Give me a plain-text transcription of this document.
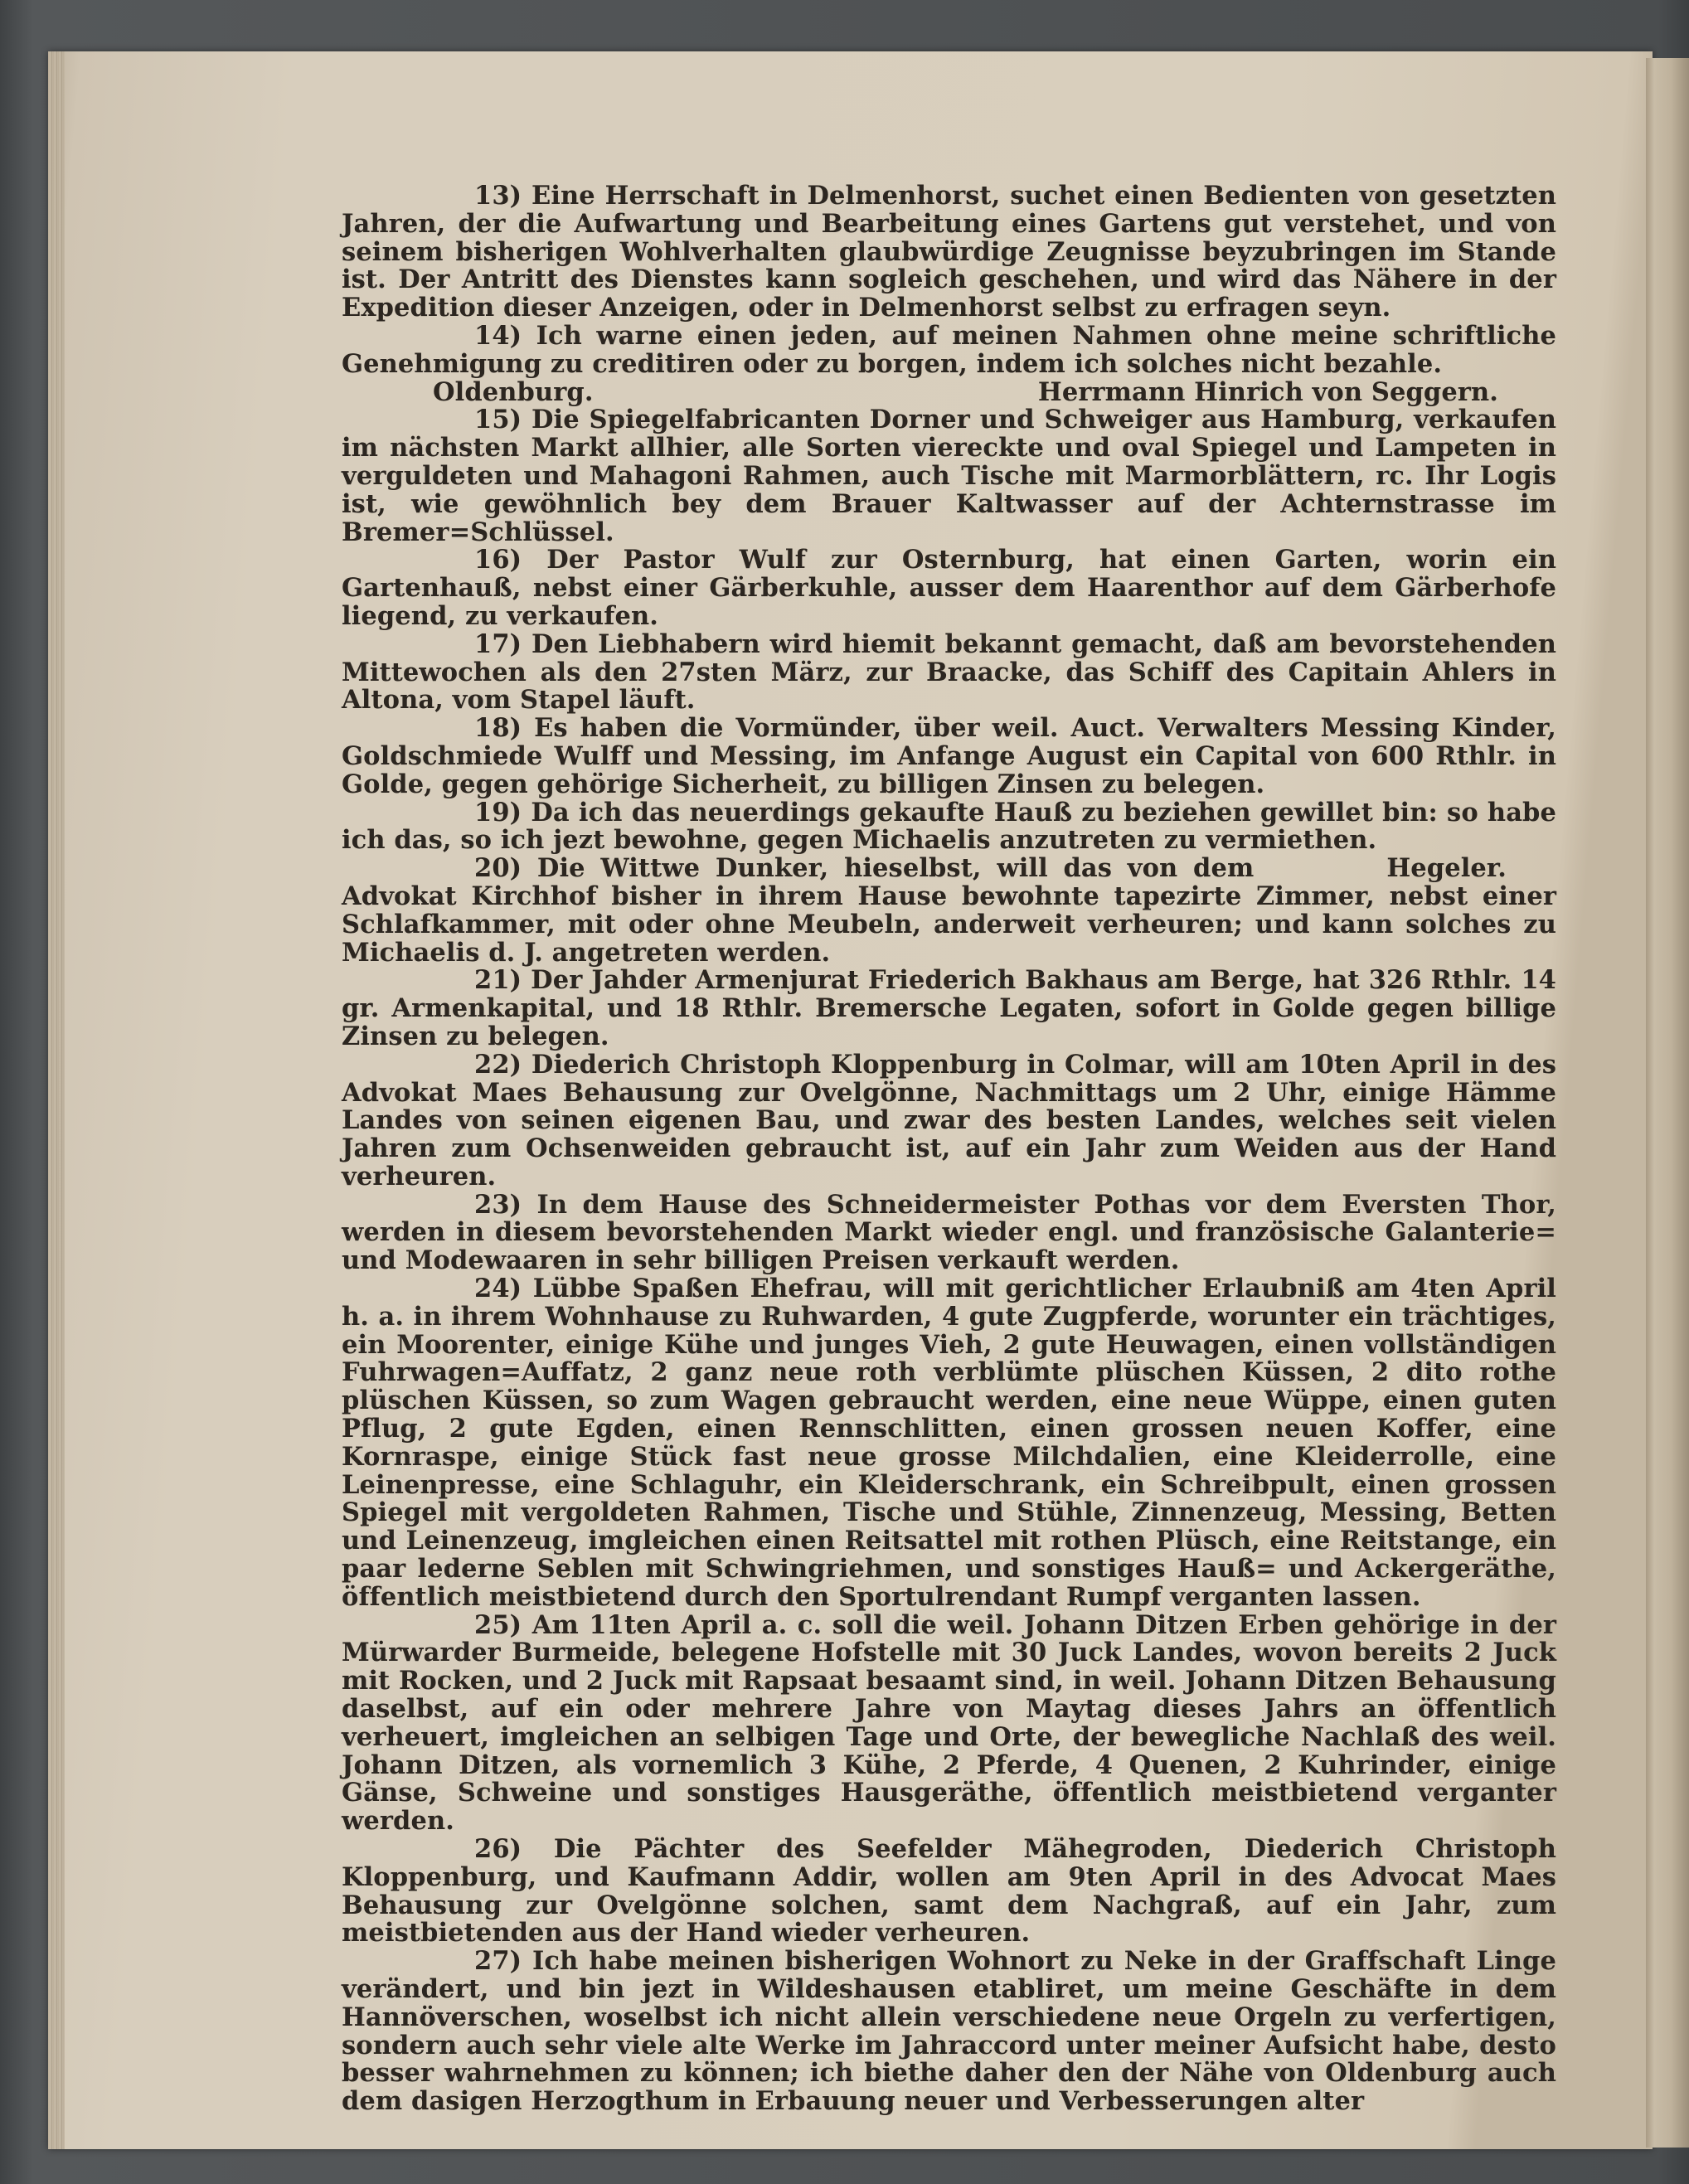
13) Eine Herrschaft in Delmenhorst, suchet einen Bedienten von gesetzten Jahren, der die Aufwartung und Bearbeitung eines Gartens gut verstehet, und von seinem bisherigen Wohlverhalten glaubwürdige Zeugnisse beyzubringen im Stande ist. Der Antritt des Dienstes kann sogleich geschehen, und wird das Nähere in der Expedition dieser Anzeigen, oder in Delmenhorst selbst zu erfragen seyn.

14) Ich warne einen jeden, auf meinen Nahmen ohne meine schriftliche Genehmigung zu creditiren oder zu borgen, indem ich solches nicht bezahle.

Oldenburg.	Herrmann Hinrich von Seggern.

15) Die Spiegelfabricanten Dorner und Schweiger aus Hamburg, verkaufen im nächsten Markt allhier, alle Sorten viereckte und oval Spiegel und Lampeten in verguldeten und Mahagoni Rahmen, auch Tische mit Marmorblättern, rc. Ihr Logis ist, wie gewöhnlich bey dem Brauer Kaltwasser auf der Achternstrasse im Bremer=Schlüssel.

16) Der Pastor Wulf zur Osternburg, hat einen Garten, worin ein Gartenhauß, nebst einer Gärberkuhle, ausser dem Haarenthor auf dem Gärberhofe liegend, zu verkaufen.

17) Den Liebhabern wird hiemit bekannt gemacht, daß am bevorstehenden Mittewochen als den 27sten März, zur Braacke, das Schiff des Capitain Ahlers in Altona, vom Stapel läuft.

18) Es haben die Vormünder, über weil. Auct. Verwalters Messing Kinder, Goldschmiede Wulff und Messing, im Anfange August ein Capital von 600 Rthlr. in Golde, gegen gehörige Sicherheit, zu billigen Zinsen zu belegen.

19) Da ich das neuerdings gekaufte Hauß zu beziehen gewillet bin: so habe ich das, so ich jezt bewohne, gegen Michaelis anzutreten zu vermiethen.
Hegeler.

20) Die Wittwe Dunker, hieselbst, will das von dem Advokat Kirchhof bisher in ihrem Hause bewohnte tapezirte Zimmer, nebst einer Schlafkammer, mit oder ohne Meubeln, anderweit verheuren; und kann solches zu Michaelis d. J. angetreten werden.

21) Der Jahder Armenjurat Friederich Bakhaus am Berge, hat 326 Rthlr. 14 gr. Armenkapital, und 18 Rthlr. Bremersche Legaten, sofort in Golde gegen billige Zinsen zu belegen.

22) Diederich Christoph Kloppenburg in Colmar, will am 10ten April in des Advokat Maes Behausung zur Ovelgönne, Nachmittags um 2 Uhr, einige Hämme Landes von seinen eigenen Bau, und zwar des besten Landes, welches seit vielen Jahren zum Ochsenweiden gebraucht ist, auf ein Jahr zum Weiden aus der Hand verheuren.

23) In dem Hause des Schneidermeister Pothas vor dem Eversten Thor, werden in diesem bevorstehenden Markt wieder engl. und französische Galanterie= und Modewaaren in sehr billigen Preisen verkauft werden.

24) Lübbe Spaßen Ehefrau, will mit gerichtlicher Erlaubniß am 4ten April h. a. in ihrem Wohnhause zu Ruhwarden, 4 gute Zugpferde, worunter ein trächtiges, ein Moorenter, einige Kühe und junges Vieh, 2 gute Heuwagen, einen vollständigen Fuhrwagen=Auffatz, 2 ganz neue roth verblümte plüschen Küssen, 2 dito rothe plüschen Küssen, so zum Wagen gebraucht werden, eine neue Wüppe, einen guten Pflug, 2 gute Egden, einen Rennschlitten, einen grossen neuen Koffer, eine Kornraspe, einige Stück fast neue grosse Milchdalien, eine Kleiderrolle, eine Leinenpresse, eine Schlaguhr, ein Kleiderschrank, ein Schreibpult, einen grossen Spiegel mit vergoldeten Rahmen, Tische und Stühle, Zinnenzeug, Messing, Betten und Leinenzeug, imgleichen einen Reitsattel mit rothen Plüsch, eine Reitstange, ein paar lederne Seblen mit Schwingriehmen, und sonstiges Hauß= und Ackergeräthe, öffentlich meistbietend durch den Sportulrendant Rumpf verganten lassen.

25) Am 11ten April a. c. soll die weil. Johann Ditzen Erben gehörige in der Mürwarder Burmeide, belegene Hofstelle mit 30 Juck Landes, wovon bereits 2 Juck mit Rocken, und 2 Juck mit Rapsaat besaamt sind, in weil. Johann Ditzen Behausung daselbst, auf ein oder mehrere Jahre von Maytag dieses Jahrs an öffentlich verheuert, imgleichen an selbigen Tage und Orte, der bewegliche Nachlaß des weil. Johann Ditzen, als vornemlich 3 Kühe, 2 Pferde, 4 Quenen, 2 Kuhrinder, einige Gänse, Schweine und sonstiges Hausgeräthe, öffentlich meistbietend verganter werden.

26) Die Pächter des Seefelder Mähegroden, Diederich Christoph Kloppenburg, und Kaufmann Addir, wollen am 9ten April in des Advocat Maes Behausung zur Ovelgönne solchen, samt dem Nachgraß, auf ein Jahr, zum meistbietenden aus der Hand wieder verheuren.

27) Ich habe meinen bisherigen Wohnort zu Neke in der Graffschaft Linge verändert, und bin jezt in Wildeshausen etabliret, um meine Geschäfte in dem Hannöverschen, woselbst ich nicht allein verschiedene neue Orgeln zu verfertigen, sondern auch sehr viele alte Werke im Jahraccord unter meiner Aufsicht habe, desto besser wahrnehmen zu können; ich biethe daher den der Nähe von Oldenburg auch dem dasigen Herzogthum in Erbauung neuer und Verbesserungen alter
